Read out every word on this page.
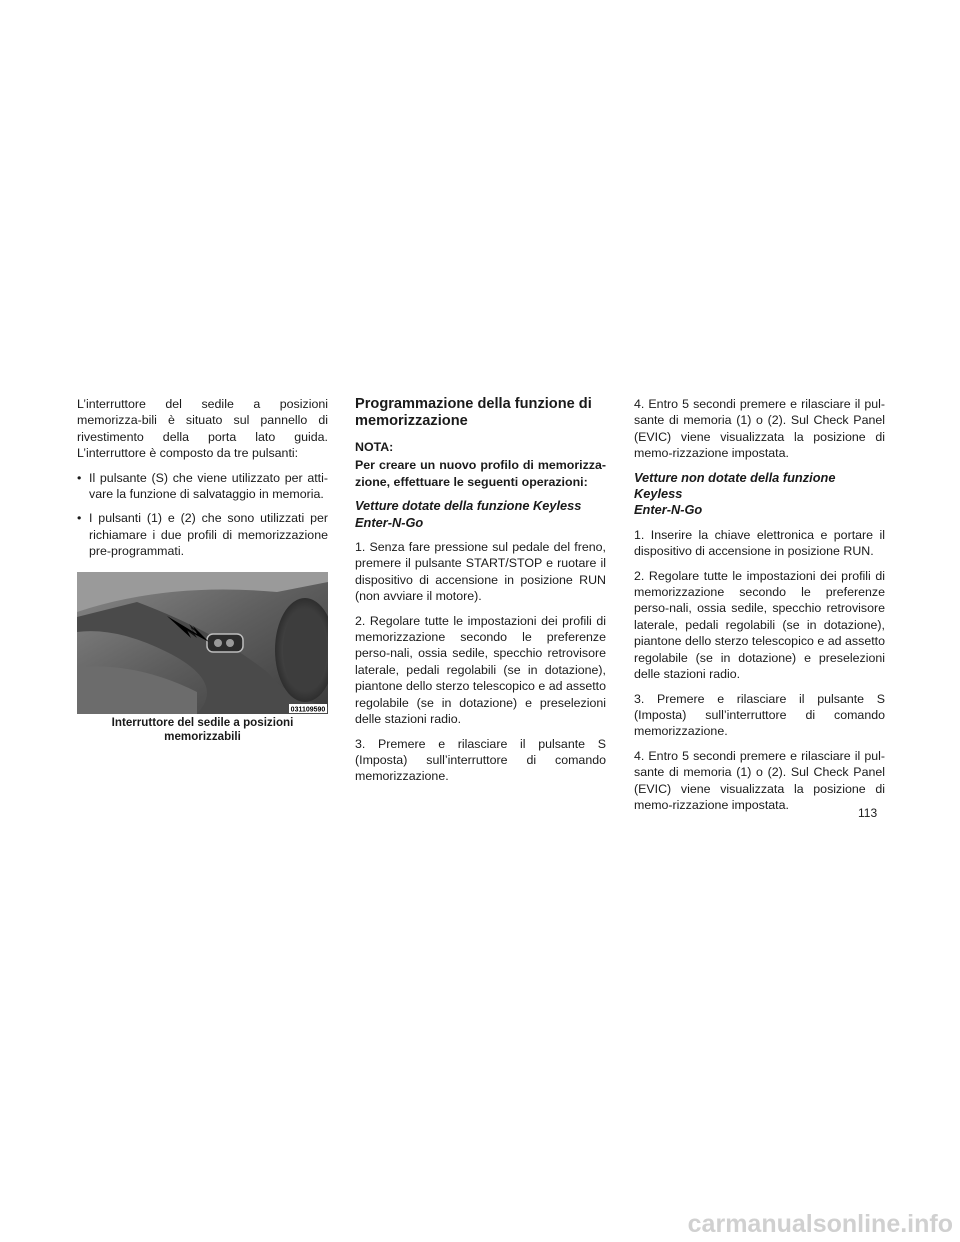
L’interruttore del sedile a posizioni memorizza-bili è situato sul pannello di rivestimento della porta lato guida. L’interruttore è composto da tre pulsanti:

• Il pulsante (S) che viene utilizzato per atti-vare la funzione di salvataggio in memoria.
• I pulsanti (1) e (2) che sono utilizzati per richiamare i due profili di memorizzazione pre-programmati.
031109590
Interruttore del sedile a posizioni
memorizzabili
Programmazione della funzione di memorizzazione

NOTA:

Per creare un nuovo profilo di memorizza-zione, effettuare le seguenti operazioni:

Vetture dotate della funzione Keyless
Enter-N-Go

1. Senza fare pressione sul pedale del freno, premere il pulsante START/STOP e ruotare il dispositivo di accensione in posizione RUN (non avviare il motore).

2. Regolare tutte le impostazioni dei profili di memorizzazione secondo le preferenze perso-nali, ossia sedile, specchio retrovisore laterale, pedali regolabili (se in dotazione), piantone dello sterzo telescopico e ad assetto regolabile (se in dotazione) e preselezioni delle stazioni radio.

3. Premere e rilasciare il pulsante S (Imposta) sull’interruttore di comando memorizzazione.

4. Entro 5 secondi premere e rilasciare il pul-sante di memoria (1) o (2). Sul Check Panel (EVIC) viene visualizzata la posizione di memo-rizzazione impostata.

Vetture non dotate della funzione Keyless
Enter-N-Go

1. Inserire la chiave elettronica e portare il dispositivo di accensione in posizione RUN.

2. Regolare tutte le impostazioni dei profili di memorizzazione secondo le preferenze perso-nali, ossia sedile, specchio retrovisore laterale, pedali regolabili (se in dotazione), piantone dello sterzo telescopico e ad assetto regolabile (se in dotazione) e preselezioni delle stazioni radio.

3. Premere e rilasciare il pulsante S (Imposta) sull’interruttore di comando memorizzazione.

4. Entro 5 secondi premere e rilasciare il pul-sante di memoria (1) o (2). Sul Check Panel (EVIC) viene visualizzata la posizione di memo-rizzazione impostata.

113
carmanualsonline.info
